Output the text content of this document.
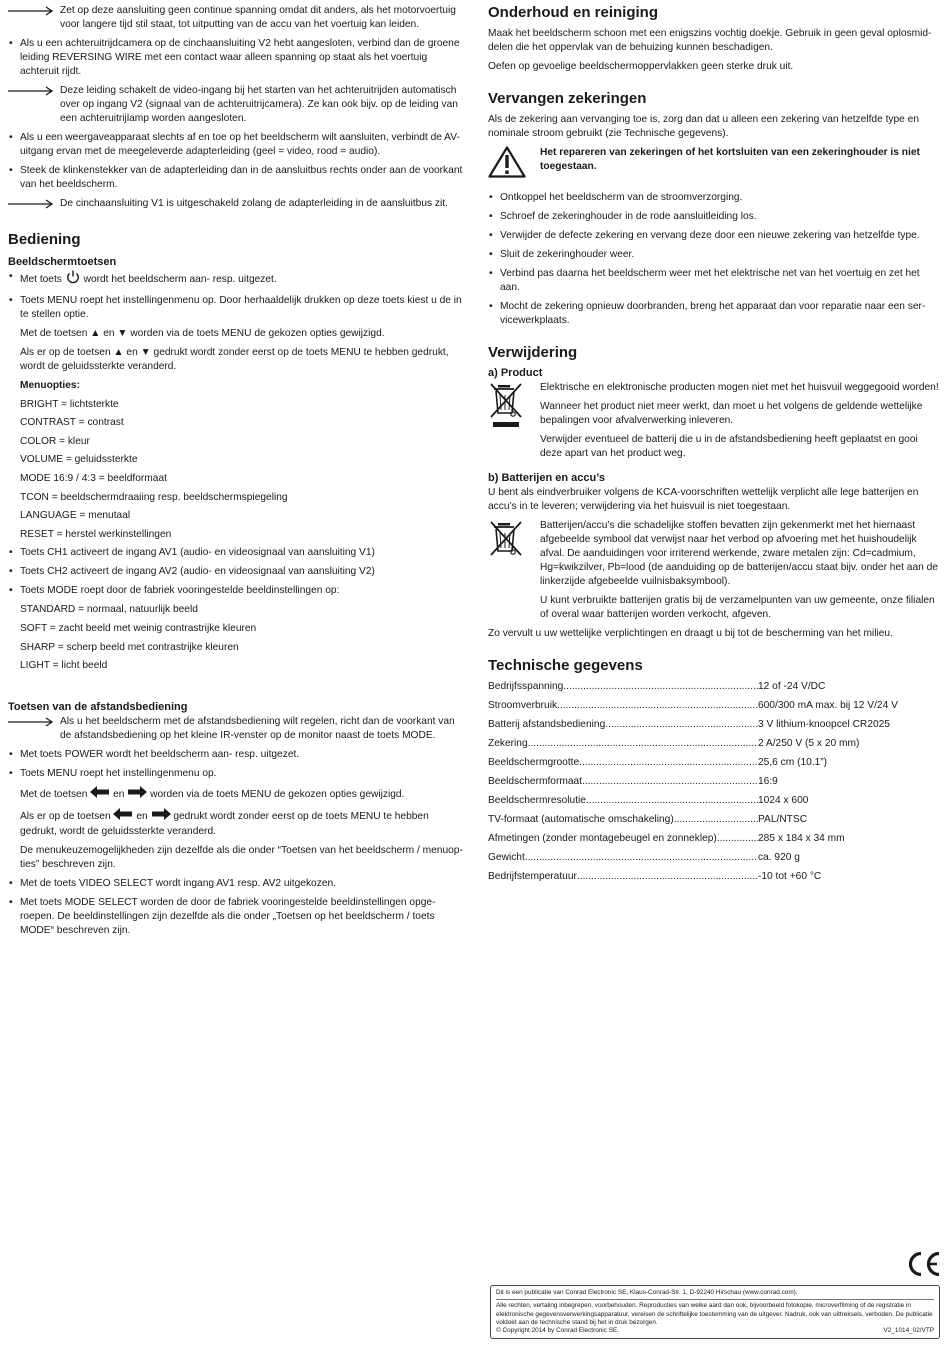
Zet op deze aansluiting geen continue spanning omdat dit anders, als het motorvoertuig voor langere tijd stil staat, tot uitputting van de accu van het voertuig kan leiden.
• Als u een achteruitrijdcamera op de cinchaansluiting V2 hebt aangesloten, verbind dan de groene leiding REVERSING WIRE met een contact waar alleen spanning op staat als het voertuig achteruit rijdt.
Deze leiding schakelt de video-ingang bij het starten van het achteruitrijden automatisch over op ingang V2 (signaal van de achteruitrijcamera). Ze kan ook bijv. op de leiding van een achteruitrijlamp worden aangesloten.
• Als u een weergaveapparaat slechts af en toe op het beeldscherm wilt aansluiten, verbindt de AV-uitgang ervan met de meegeleverde adapterleiding (geel = video, rood = audio).
• Steek de klinkenstekker van de adapterleiding dan in de aansluitbus rechts onder aan de voorkant van het beeldscherm.
De cinchaansluiting V1 is uitgeschakeld zolang de adapterleiding in de aansluitbus zit.
Bediening
Beeldschermtoetsen
• Met toets wordt het beeldscherm aan- resp. uitgezet.
• Toets MENU roept het instellingenmenu op. Door herhaaldelijk drukken op deze toets kiest u de in te stellen optie.

Met de toetsen ▲ en ▼ worden via de toets MENU de gekozen opties gewijzigd.

Als er op de toetsen ▲ en ▼ gedrukt wordt zonder eerst op de toets MENU te hebben gedrukt, wordt de geluidssterkte veranderd.

Menuopties:

BRIGHT = lichtsterkte

CONTRAST = contrast

COLOR = kleur

VOLUME = geluidssterkte

MODE 16:9 / 4:3 = beeldformaat

TCON = beeldschermdraaiing resp. beeldschermspiegeling

LANGUAGE = menutaal

RESET = herstel werkinstellingen

• Toets CH1 activeert de ingang AV1 (audio- en videosignaal van aansluiting V1)
• Toets CH2 activeert de ingang AV2 (audio- en videosignaal van aansluiting V2)
• Toets MODE roept door de fabriek vooringestelde beeldinstellingen op:

STANDARD = normaal, natuurlijk beeld

SOFT = zacht beeld met weinig contrastrijke kleuren

SHARP = scherp beeld met contrastrijke kleuren

LIGHT = licht beeld

Toetsen van de afstandsbediening
Als u het beeldscherm met de afstandsbediening wilt regelen, richt dan de voorkant van de afstandsbediening op het kleine IR-venster op de monitor naast de toets MODE.
• Met toets POWER wordt het beeldscherm aan- resp. uitgezet.
• Toets MENU roept het instellingenmenu op.

Met de toetsen	en	worden via de toets MENU de gekozen opties gewijzigd.

Als er op de toetsen	en	gedrukt wordt zonder eerst op de toets MENU te hebben gedrukt, wordt de geluidssterkte veranderd.

De menukeuzemogelijkheden zijn dezelfde als die onder “Toetsen van het beeldscherm / menuopties” beschreven zijn.

• Met de toets VIDEO SELECT wordt ingang AV1 resp. AV2 uitgekozen.
• Met toets MODE SELECT worden de door de fabriek vooringestelde beeldinstellingen opgeroepen. De beeldinstellingen zijn dezelfde als die onder „Toetsen op het beeldscherm / toets MODE“ beschreven zijn.
Onderhoud en reiniging

Maak het beeldscherm schoon met een enigszins vochtig doekje. Gebruik in geen geval oplosmiddelen die het oppervlak van de behuizing kunnen beschadigen.

Oefen op gevoelige beeldschermoppervlakken geen sterke druk uit.

Vervangen zekeringen

Als de zekering aan vervanging toe is, zorg dan dat u alleen een zekering van hetzelfde type en nominale stroom gebruikt (zie Technische gegevens).

Het repareren van zekeringen of het kortsluiten van een zekeringhouder is niet toegestaan.
• Ontkoppel het beeldscherm van de stroomverzorging.
• Schroef de zekeringhouder in de rode aansluitleiding los.
• Verwijder de defecte zekering en vervang deze door een nieuwe zekering van hetzelfde type.
• Sluit de zekeringhouder weer.
• Verbind pas daarna het beeldscherm weer met het elektrische net van het voertuig en zet het aan.
• Mocht de zekering opnieuw doorbranden, breng het apparaat dan voor reparatie naar een servicewerkplaats.
Verwijdering
a) Product

Elektrische en elektronische producten mogen niet met het huisvuil weggegooid worden!

Wanneer het product niet meer werkt, dan moet u het volgens de geldende wettelijke bepalingen voor afvalverwerking inleveren.

Verwijder eventueel de batterij die u in de afstandsbediening heeft geplaatst en gooi deze apart van het product weg.

b) Batterijen en accu’s

U bent als eindverbruiker volgens de KCA-voorschriften wettelijk verplicht alle lege batterijen en accu’s in te leveren; verwijdering via het huisvuil is niet toegestaan.

Batterijen/accu’s die schadelijke stoffen bevatten zijn gekenmerkt met het hiernaast afgebeelde symbool dat verwijst naar het verbod op afvoering met het huishoudelijk afval. De aanduidingen voor irriterend werkende, zware metalen zijn: Cd=cadmium, Hg=kwikzilver, Pb=lood (de aanduiding op de batterijen/accu staat bijv. onder het aan de linkerzijde afgebeelde vuilnisbaksymbool).

U kunt verbruikte batterijen gratis bij de verzamelpunten van uw gemeente, onze filialen of overal waar batterijen worden verkocht, afgeven.

Zo vervult u uw wettelijke verplichtingen en draagt u bij tot de bescherming van het milieu.

Technische gegevens
Bedrijfsspanning .....	12 of -24 V/DC
Stroomverbruik .....	600/300 mA max. bij 12 V/24 V
Batterij afstandsbediening .....	3 V lithium-knoopcel CR2025
Zekering .....	2 A/250 V (5 x 20 mm)
Beeldschermgrootte .....	25,6 cm (10.1”)
Beeldschermformaat .....	16:9
Beeldschermresolutie .....	1024 x 600
TV-formaat (automatische omschakeling) .....	PAL/NTSC
Afmetingen (zonder montagebeugel en zonneklep) .....	285 x 184 x 34 mm
Gewicht .....	ca. 920 g
Bedrijfstemperatuur .....	-10 tot +60 °C
Dit is een publicatie van Conrad Electronic SE, Klaus-Conrad-Str. 1, D-92240 Hirschau (www.conrad.com).
Alle rechten, vertaling inbegrepen, voorbehouden. Reproducties van welke aard dan ook, bijvoorbeeld fotokopie, microverfilming of de registratie in elektronische gegevensverwerkingsapparatuur, vereisen de schriftelijke toestemming van de uitgever. Nadruk, ook van uittreksels, verboden. De publicatie voldoet aan de technische stand bij het in druk bezorgen.
© Copyright 2014 by Conrad Electronic SE.	V2_1014_02/VTP
